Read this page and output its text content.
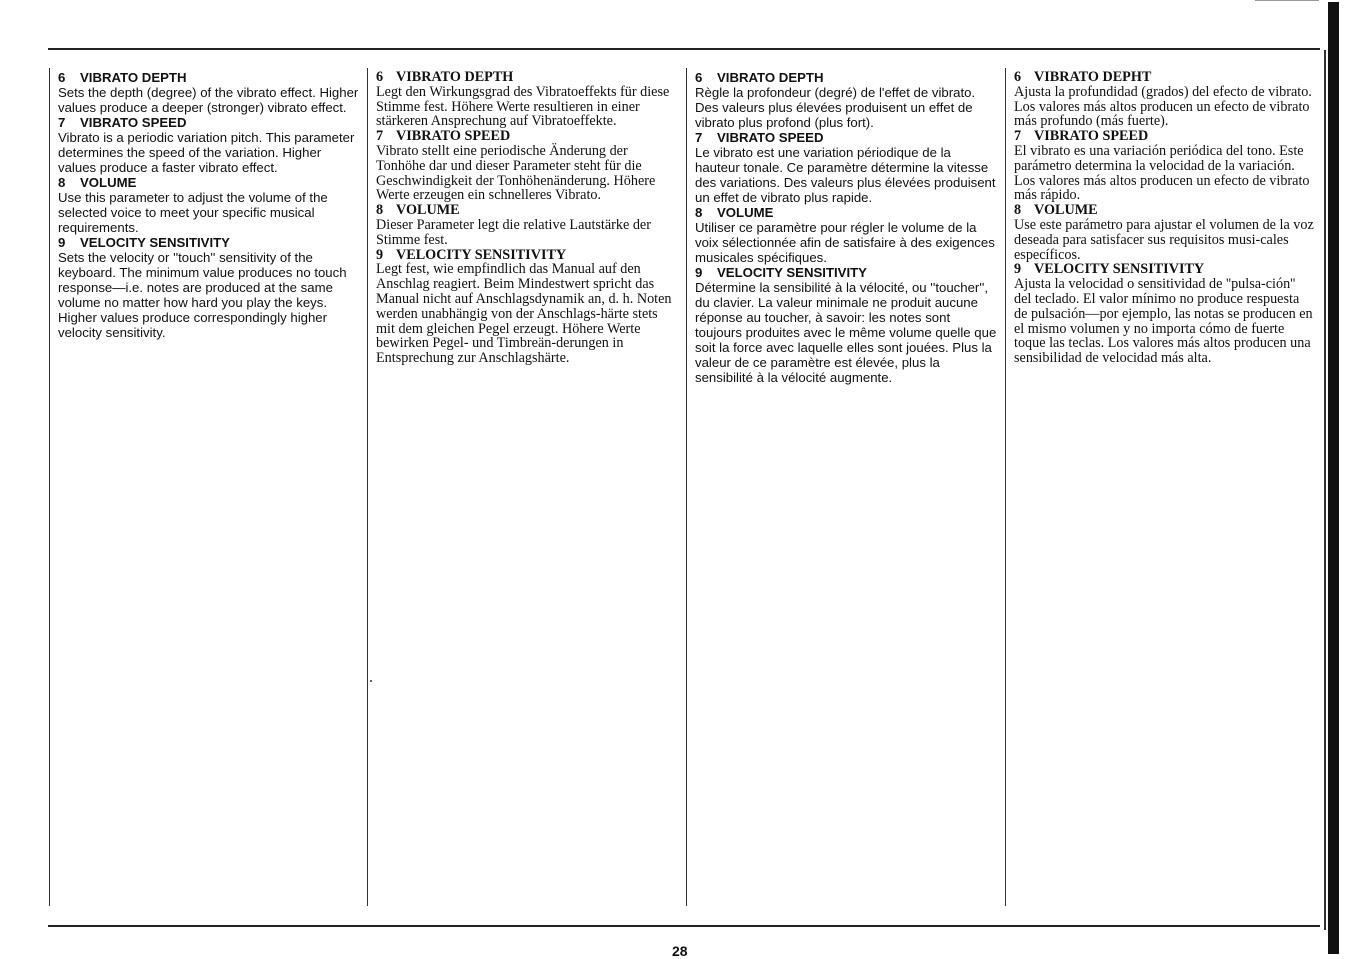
6 VIBRATO DEPTH

Sets the depth (degree) of the vibrato effect. Higher values produce a deeper (stronger) vibrato effect.

7 VIBRATO SPEED

Vibrato is a periodic variation pitch. This parameter determines the speed of the variation. Higher values produce a faster vibrato effect.

8 VOLUME

Use this parameter to adjust the volume of the selected voice to meet your specific musical requirements.

9 VELOCITY SENSITIVITY

Sets the velocity or ''touch'' sensitivity of the keyboard. The minimum value produces no touch response—i.e. notes are produced at the same volume no matter how hard you play the keys. Higher values produce correspondingly higher velocity sensitivity.

6 VIBRATO DEPTH

Legt den Wirkungsgrad des Vibratoeffekts für diese Stimme fest. Höhere Werte resultieren in einer stärkeren Ansprechung auf Vibratoeffekte.

7 VIBRATO SPEED

Vibrato stellt eine periodische Änderung der Tonhöhe dar und dieser Parameter steht für die Geschwindigkeit der Tonhöhenänderung. Höhere Werte erzeugen ein schnelleres Vibrato.

8 VOLUME

Dieser Parameter legt die relative Lautstärke der Stimme fest.

9 VELOCITY SENSITIVITY

Legt fest, wie empfindlich das Manual auf den Anschlag reagiert. Beim Mindestwert spricht das Manual nicht auf Anschlagsdynamik an, d. h. Noten werden unabhängig von der Anschlags-härte stets mit dem gleichen Pegel erzeugt. Höhere Werte bewirken Pegel- und Timbreän-derungen in Entsprechung zur Anschlagshärte.

6 VIBRATO DEPTH

Règle la profondeur (degré) de l'effet de vibrato. Des valeurs plus élevées produisent un effet de vibrato plus profond (plus fort).

7 VIBRATO SPEED

Le vibrato est une variation périodique de la hauteur tonale. Ce paramètre détermine la vitesse des variations. Des valeurs plus élevées produisent un effet de vibrato plus rapide.

8 VOLUME

Utiliser ce paramètre pour régler le volume de la voix sélectionnée afin de satisfaire à des exigences musicales spécifiques.

9 VELOCITY SENSITIVITY

Détermine la sensibilité à la vélocité, ou ''toucher'', du clavier. La valeur minimale ne produit aucune réponse au toucher, à savoir: les notes sont toujours produites avec le même volume quelle que soit la force avec laquelle elles sont jouées. Plus la valeur de ce paramètre est élevée, plus la sensibilité à la vélocité augmente.

6 VIBRATO DEPHT

Ajusta la profundidad (grados) del efecto de vibrato. Los valores más altos producen un efecto de vibrato más profundo (más fuerte).

7 VIBRATO SPEED

El vibrato es una variación periódica del tono. Este parámetro determina la velocidad de la variación. Los valores más altos producen un efecto de vibrato más rápido.

8 VOLUME

Use este parámetro para ajustar el volumen de la voz deseada para satisfacer sus requisitos musi-cales específicos.

9 VELOCITY SENSITIVITY

Ajusta la velocidad o sensitividad de ''pulsa-ción'' del teclado. El valor mínimo no produce respuesta de pulsación—por ejemplo, las notas se producen en el mismo volumen y no importa cómo de fuerte toque las teclas. Los valores más altos producen una sensibilidad de velocidad más alta.

28
